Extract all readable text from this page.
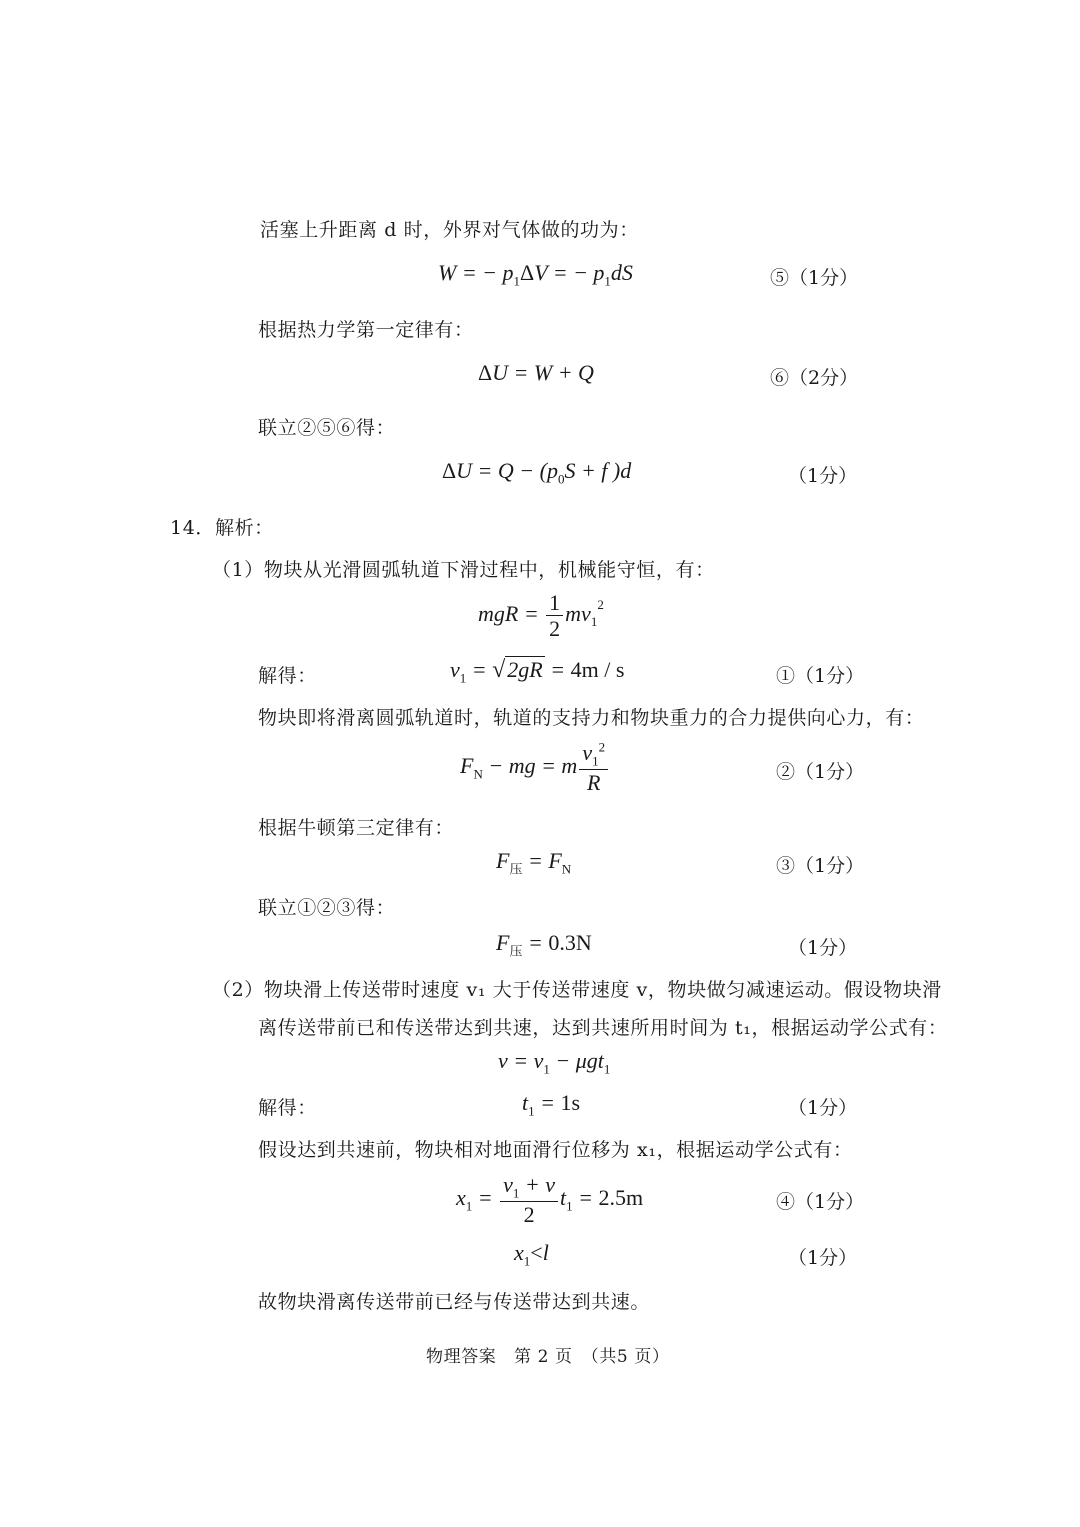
活塞上升距离 d 时，外界对气体做的功为：
W = − $p_1\Delta V$ = − $p_1dS$	⑤（1分）
根据热力学第一定律有：
ΔU = W + Q	⑥（2分）
联立②⑤⑥得：
$\Delta U = Q - (p_0S + f$ )d	（1分）
14．解析：
（1）物块从光滑圆弧轨道下滑过程中，机械能守恒，有：
mgR = $\frac{1}{2} mv_1^2$
解得：	$v_1 = √2gR = 4m / s$	①（1分）
物块即将滑离圆弧轨道时，轨道的支持力和物块重力的合力提供向心力，有：
$F_N$ − mg = m $\frac{v_1^2}{R}$	②（1分）
根据牛顿第三定律有：
$F_压 = F_N$	③（1分）
联立①②③得：
$F_压 = 0.3N$	（1分）
（2）物块滑上传送带时速度 v₁ 大于传送带速度 v，物块做匀减速运动。假设物块滑
离传送带前已和传送带达到共速，达到共速所用时间为 t₁，根据运动学公式有：
$v = v_1 - \mu gt_1$
解得：	$t_1 = 1s$	（1分）
假设达到共速前，物块相对地面滑行位移为 x₁，根据运动学公式有：
$x_1 = \frac{v_1 + v}{2} t_1 = 2.5m$	④（1分）
$x_1<l$	（1分）
故物块滑离传送带前已经与传送带达到共速。
物理答案　第 2 页　（共5 页）
